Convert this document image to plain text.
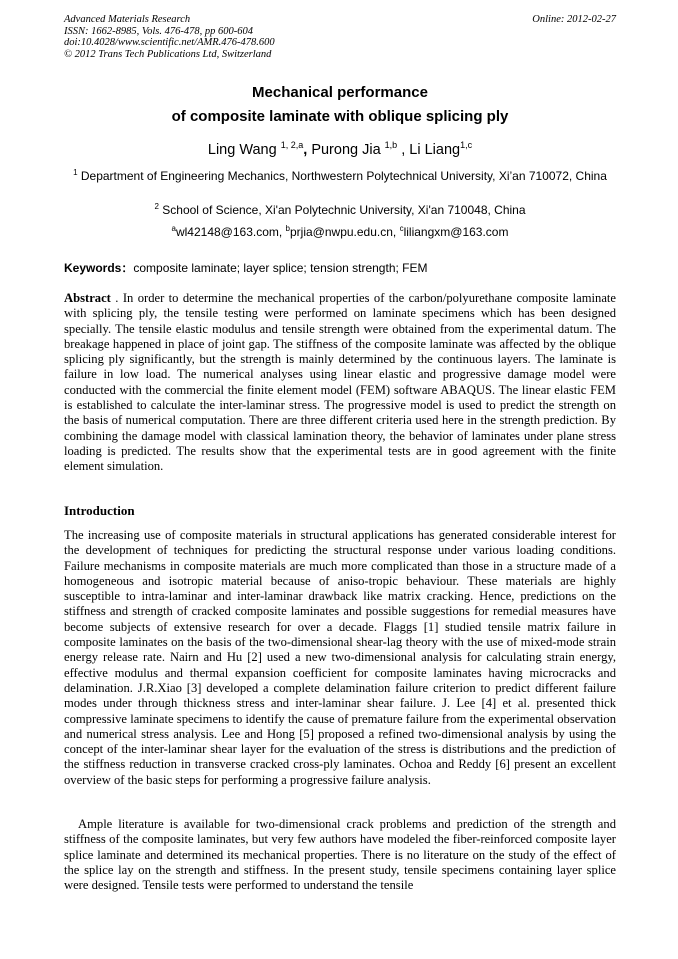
Advanced Materials Research
ISSN: 1662-8985, Vols. 476-478, pp 600-604
doi:10.4028/www.scientific.net/AMR.476-478.600
© 2012 Trans Tech Publications Ltd, Switzerland
Online: 2012-02-27
Mechanical performance
of composite laminate with oblique splicing ply
Ling Wang $^{1, 2,a}$, Purong Jia $^{1,b}$ , Li Liang$^{1,c}$
$^1$ Department of Engineering Mechanics, Northwestern Polytechnical University, Xi’an 710072, China
$^2$ School of Science, Xi'an Polytechnic University, Xi'an 710048, China
$^a$wl42148@163.com, $^b$prjia@nwpu.edu.cn, $^c$liliangxm@163.com
Keywords：composite laminate; layer splice; tension strength; FEM
Abstract . In order to determine the mechanical properties of the carbon/polyurethane composite laminate with splicing ply, the tensile testing were performed on laminate specimens which has been designed specially. The tensile elastic modulus and tensile strength were obtained from the experimental datum. The breakage happened in place of joint gap. The stiffness of the composite laminate was affected by the oblique splicing ply significantly, but the strength is mainly determined by the continuous layers. The laminate is failure in low load. The numerical analyses using linear elastic and progressive damage model were conducted with the commercial the finite element model (FEM) software ABAQUS. The linear elastic FEM is established to calculate the inter-laminar stress. The progressive model is used to predict the strength on the basis of numerical computation. There are three different criteria used here in the strength prediction. By combining the damage model with classical lamination theory, the behavior of laminates under plane stress loading is predicted. The results show that the experimental tests are in good agreement with the finite element simulation.
Introduction
The increasing use of composite materials in structural applications has generated considerable interest for the development of techniques for predicting the structural response under various loading conditions. Failure mechanisms in composite materials are much more complicated than those in a structure made of a homogeneous and isotropic material because of aniso-tropic behaviour. These materials are highly susceptible to intra-laminar and inter-laminar drawback like matrix cracking. Hence, predictions on the stiffness and strength of cracked composite laminates and possible suggestions for remedial measures have become subjects of extensive research for over a decade. Flaggs [1] studied tensile matrix failure in composite laminates on the basis of the two-dimensional shear-lag theory with the use of mixed-mode strain energy release rate. Nairn and Hu [2] used a new two-dimensional analysis for calculating strain energy, effective modulus and thermal expansion coefficient for composite laminates having microcracks and delamination. J.R.Xiao [3] developed a complete delamination failure criterion to predict different failure modes under through thickness stress and inter-laminar shear failure. J. Lee [4] et al. presented thick compressive laminate specimens to identify the cause of premature failure from the experimental observation and numerical stress analysis. Lee and Hong [5] proposed a refined two-dimensional analysis by using the concept of the inter-laminar shear layer for the evaluation of the stress is distributions and the prediction of the stiffness reduction in transverse cracked cross-ply laminates. Ochoa and Reddy [6] present an excellent overview of the basic steps for performing a progressive failure analysis.
Ample literature is available for two-dimensional crack problems and prediction of the strength and stiffness of the composite laminates, but very few authors have modeled the fiber-reinforced composite layer splice laminate and determined its mechanical properties. There is no literature on the study of the effect of the splice lay on the strength and stiffness. In the present study, tensile specimens containing layer splice were designed. Tensile tests were performed to understand the tensile
